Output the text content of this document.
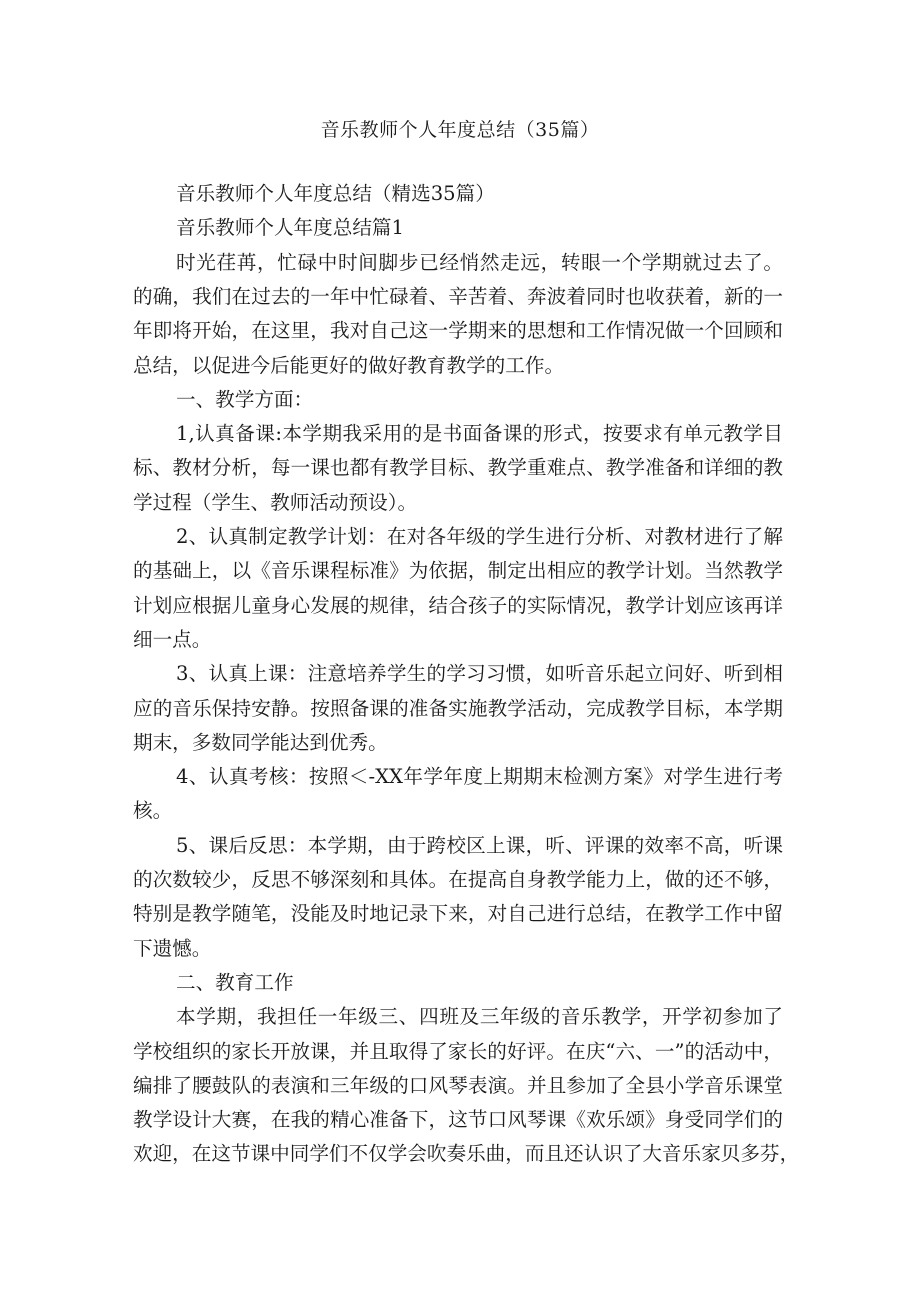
音乐教师个人年度总结（35篇）
音乐教师个人年度总结（精选35篇）
音乐教师个人年度总结篇1
时光荏苒，忙碌中时间脚步已经悄然走远，转眼一个学期就过去了。
的确，我们在过去的一年中忙碌着、辛苦着、奔波着同时也收获着，新的一
年即将开始，在这里，我对自己这一学期来的思想和工作情况做一个回顾和
总结，以促进今后能更好的做好教育教学的工作。
一、教学方面：
1,认真备课:本学期我采用的是书面备课的形式，按要求有单元教学目
标、教材分析，每一课也都有教学目标、教学重难点、教学准备和详细的教
学过程（学生、教师活动预设）。
2、认真制定教学计划：在对各年级的学生进行分析、对教材进行了解
的基础上，以《音乐课程标准》为依据，制定出相应的教学计划。当然教学
计划应根据儿童身心发展的规律，结合孩子的实际情况，教学计划应该再详
细一点。
3、认真上课：注意培养学生的学习习惯，如听音乐起立问好、听到相
应的音乐保持安静。按照备课的准备实施教学活动，完成教学目标，本学期
期末，多数同学能达到优秀。
4、认真考核：按照＜-XX年学年度上期期末检测方案》对学生进行考
核。
5、课后反思：本学期，由于跨校区上课，听、评课的效率不高，听课
的次数较少，反思不够深刻和具体。在提高自身教学能力上，做的还不够，
特别是教学随笔，没能及时地记录下来，对自己进行总结，在教学工作中留
下遗憾。
二、教育工作
本学期，我担任一年级三、四班及三年级的音乐教学，开学初参加了
学校组织的家长开放课，并且取得了家长的好评。在庆“六、一”的活动中，
编排了腰鼓队的表演和三年级的口风琴表演。并且参加了全县小学音乐课堂
教学设计大赛，在我的精心准备下，这节口风琴课《欢乐颂》身受同学们的
欢迎，在这节课中同学们不仅学会吹奏乐曲，而且还认识了大音乐家贝多芬，
